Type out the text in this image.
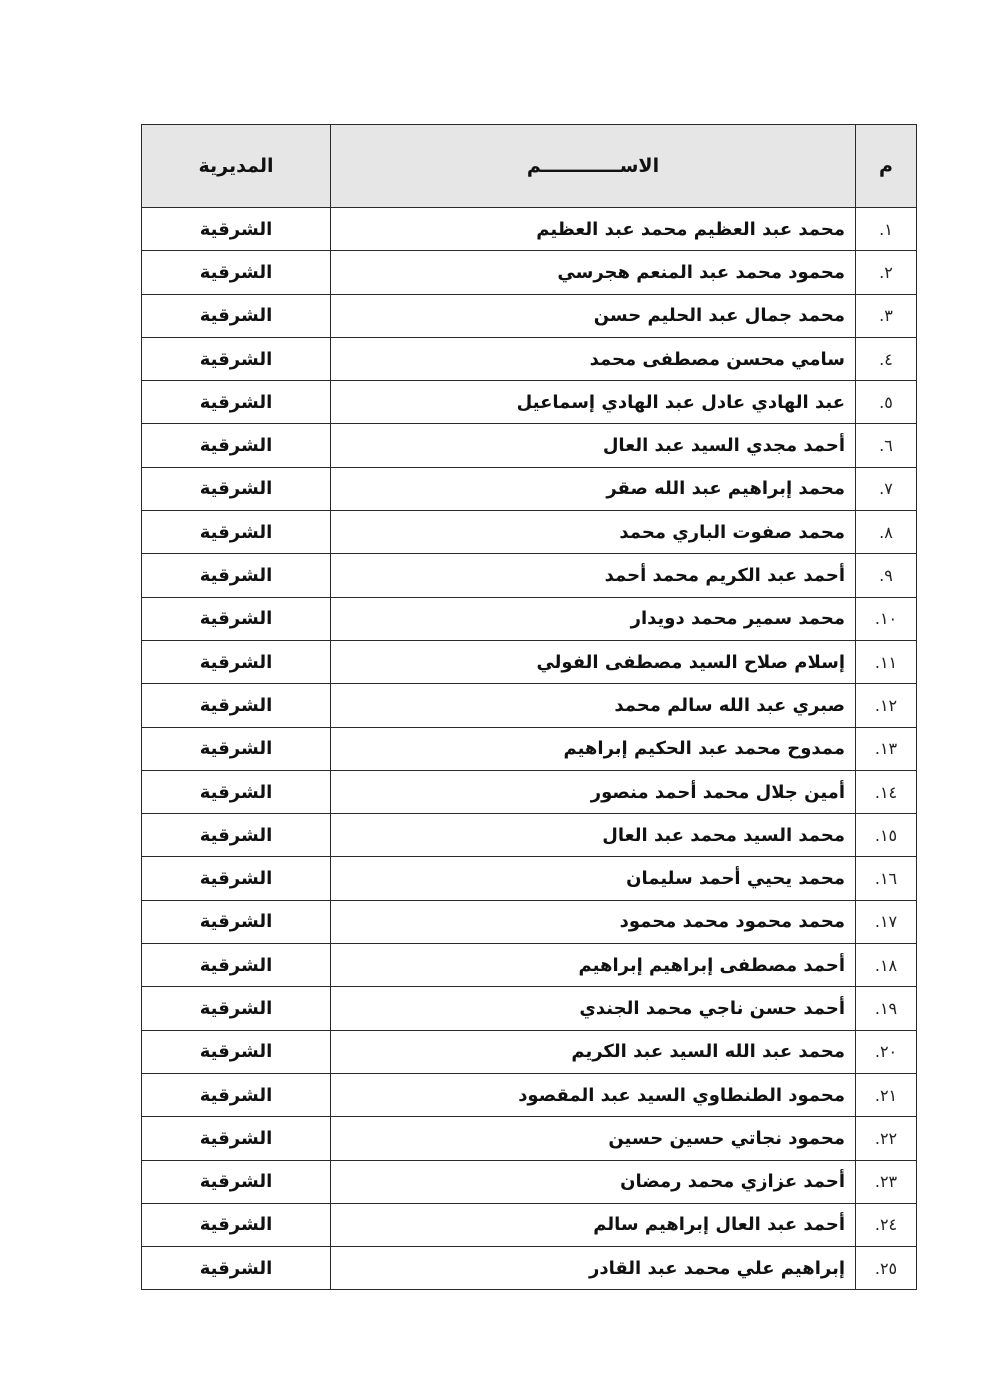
م	الاســــــــــــم	المديرية
١.	محمد عبد العظيم محمد عبد العظيم	الشرقية
٢.	محمود محمد عبد المنعم هجرسي	الشرقية
٣.	محمد جمال عبد الحليم حسن	الشرقية
٤.	سامي محسن مصطفى محمد	الشرقية
٥.	عبد الهادي عادل عبد الهادي إسماعيل	الشرقية
٦.	أحمد مجدي السيد عبد العال	الشرقية
٧.	محمد إبراهيم عبد الله صقر	الشرقية
٨.	محمد صفوت الباري محمد	الشرقية
٩.	أحمد عبد الكريم محمد أحمد	الشرقية
١٠.	محمد سمير محمد دويدار	الشرقية
١١.	إسلام صلاح السيد مصطفى الفولي	الشرقية
١٢.	صبري عبد الله سالم محمد	الشرقية
١٣.	ممدوح محمد عبد الحكيم إبراهيم	الشرقية
١٤.	أمين جلال محمد أحمد منصور	الشرقية
١٥.	محمد السيد محمد عبد العال	الشرقية
١٦.	محمد يحيي أحمد سليمان	الشرقية
١٧.	محمد محمود محمد محمود	الشرقية
١٨.	أحمد مصطفى إبراهيم إبراهيم	الشرقية
١٩.	أحمد حسن ناجي محمد الجندي	الشرقية
٢٠.	محمد عبد الله السيد عبد الكريم	الشرقية
٢١.	محمود الطنطاوي السيد عبد المقصود	الشرقية
٢٢.	محمود نجاتي حسين حسين	الشرقية
٢٣.	أحمد عزازي محمد رمضان	الشرقية
٢٤.	أحمد عبد العال إبراهيم سالم	الشرقية
٢٥.	إبراهيم علي محمد عبد القادر	الشرقية
